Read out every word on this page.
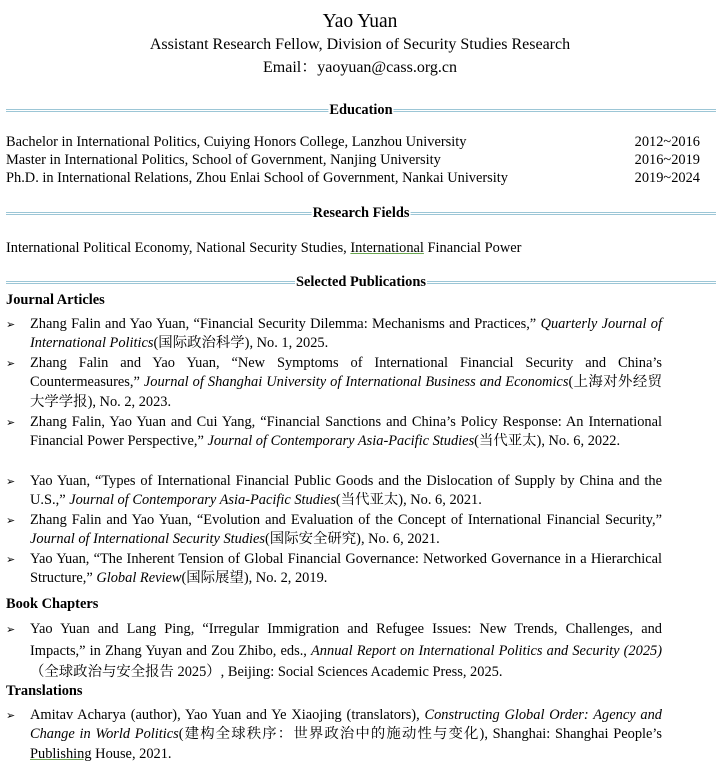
Yao Yuan
Assistant Research Fellow, Division of Security Studies Research
Email：yaoyuan@cass.org.cn
Education
Bachelor in International Politics, Cuiying Honors College, Lanzhou University	2012~2016
Master in International Politics, School of Government, Nanjing University	2016~2019
Ph.D. in International Relations, Zhou Enlai School of Government, Nankai University	2019~2024
Research Fields
International Political Economy, National Security Studies, International Financial Power
Selected Publications
Journal Articles
➢	Zhang Falin and Yao Yuan, “Financial Security Dilemma: Mechanisms and Practices,” Quarterly Journal of International Politics(国际政治科学), No. 1, 2025.
➢	Zhang Falin and Yao Yuan, “New Symptoms of International Financial Security and China’s Countermeasures,” Journal of Shanghai University of International Business and Economics(上海对外经贸大学学报), No. 2, 2023.
➢	Zhang Falin, Yao Yuan and Cui Yang, “Financial Sanctions and China’s Policy Response: An International Financial Power Perspective,” Journal of Contemporary Asia-Pacific Studies(当代亚太), No. 6, 2022.
➢	Yao Yuan, “Types of International Financial Public Goods and the Dislocation of Supply by China and the U.S.,” Journal of Contemporary Asia-Pacific Studies(当代亚太), No. 6, 2021.
➢	Zhang Falin and Yao Yuan, “Evolution and Evaluation of the Concept of International Financial Security,” Journal of International Security Studies(国际安全研究), No. 6, 2021.
➢	Yao Yuan, “The Inherent Tension of Global Financial Governance: Networked Governance in a Hierarchical Structure,” Global Review(国际展望), No. 2, 2019.
Book Chapters
➢	Yao Yuan and Lang Ping, “Irregular Immigration and Refugee Issues: New Trends, Challenges, and Impacts,” in Zhang Yuyan and Zou Zhibo, eds., Annual Report on International Politics and Security (2025)（全球政治与安全报告 2025）, Beijing: Social Sciences Academic Press, 2025.
Translations
➢	Amitav Acharya (author), Yao Yuan and Ye Xiaojing (translators), Constructing Global Order: Agency and Change in World Politics(建构全球秩序：世界政治中的施动性与变化), Shanghai: Shanghai People’s Publishing House, 2021.
